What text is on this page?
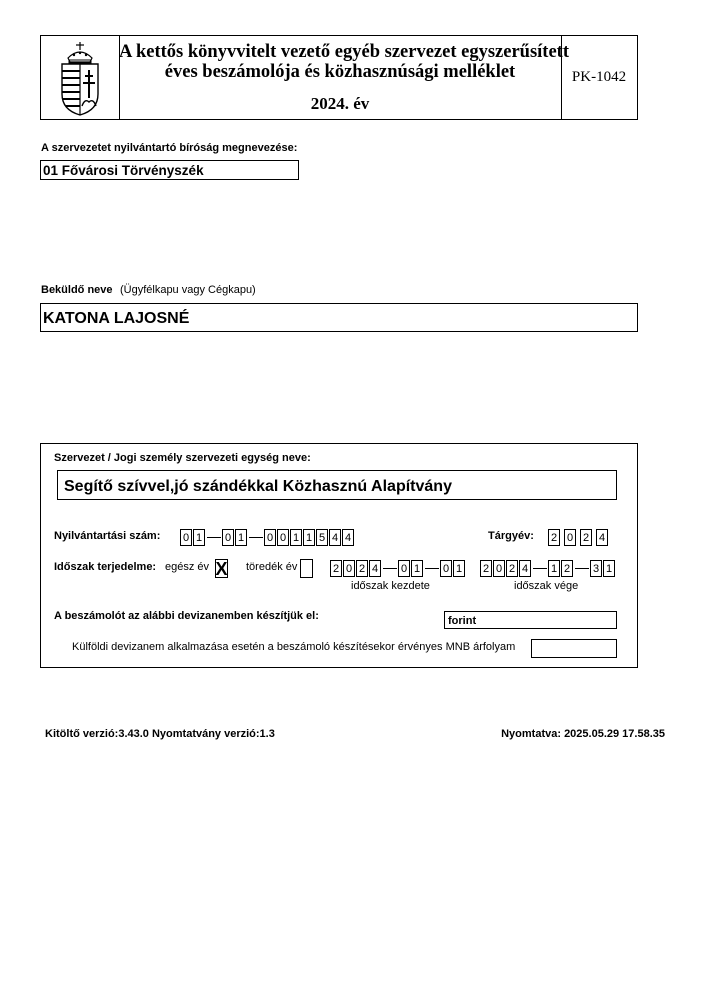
A kettős könyvvitelt vezető egyéb szervezet egyszerűsített
éves beszámolója és közhasznúsági melléklet
2024. év
PK-1042
A szervezetet nyilvántartó bíróság megnevezése:
01 Fővárosi Törvényszék
Beküldő neve (Ügyfélkapu vagy Cégkapu)
KATONA LAJOSNÉ
Szervezet / Jogi személy szervezeti egység neve:
Segítő szívvel,jó szándékkal Közhasznú Alapítvány
Nyilvántartási szám: 0 1 0 1 0 0 1 1 5 4 4	Tárgyév: 2 0 2 4
Időszak terjedelme: egész év X töredék év	2 0 2 4 0 1 0 1 2 0 2 4 1 2 3 1
időszak kezdete	időszak vége
A beszámolót az alábbi devizanemben készítjük el:	forint
Külföldi devizanem alkalmazása esetén a beszámoló készítésekor érvényes MNB árfolyam
Kitöltő verzió:3.43.0 Nyomtatvány verzió:1.3	Nyomtatva: 2025.05.29 17.58.35
